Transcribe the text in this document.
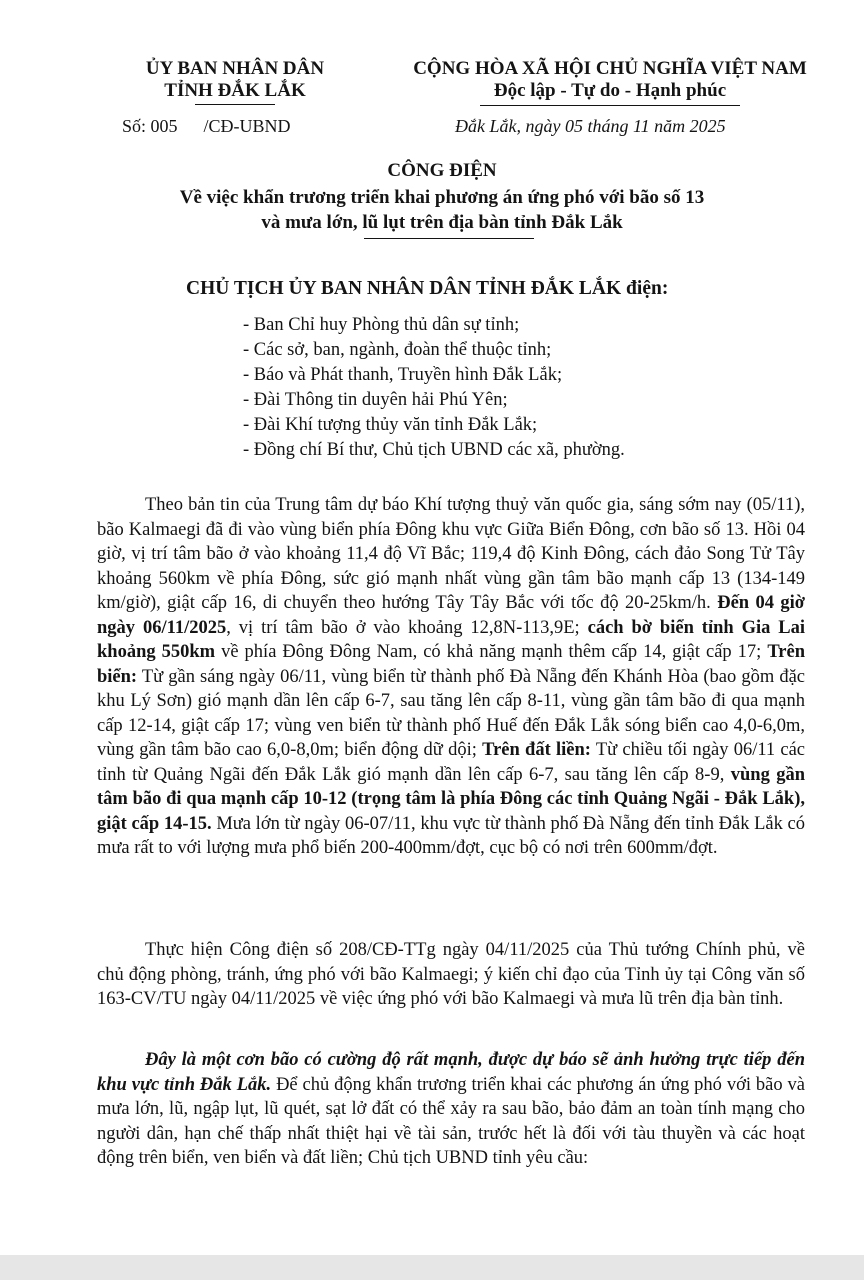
ỦY BAN NHÂN DÂN
TỈNH ĐẮK LẮK
CỘNG HÒA XÃ HỘI CHỦ NGHĨA VIỆT NAM
Độc lập - Tự do - Hạnh phúc
Số: 005 /CĐ-UBND	Đắk Lắk, ngày 05 tháng 11 năm 2025
CÔNG ĐIỆN
Về việc khẩn trương triển khai phương án ứng phó với bão số 13
và mưa lớn, lũ lụt trên địa bàn tỉnh Đắk Lắk
CHỦ TỊCH ỦY BAN NHÂN DÂN TỈNH ĐẮK LẮK điện:
- Ban Chỉ huy Phòng thủ dân sự tỉnh;
- Các sở, ban, ngành, đoàn thể thuộc tỉnh;
- Báo và Phát thanh, Truyền hình Đắk Lắk;
- Đài Thông tin duyên hải Phú Yên;
- Đài Khí tượng thủy văn tỉnh Đắk Lắk;
- Đồng chí Bí thư, Chủ tịch UBND các xã, phường.

Theo bản tin của Trung tâm dự báo Khí tượng thuỷ văn quốc gia, sáng sớm nay (05/11), bão Kalmaegi đã đi vào vùng biển phía Đông khu vực Giữa Biển Đông, cơn bão số 13. Hồi 04 giờ, vị trí tâm bão ở vào khoảng 11,4 độ Vĩ Bắc; 119,4 độ Kinh Đông, cách đảo Song Tử Tây khoảng 560km về phía Đông, sức gió mạnh nhất vùng gần tâm bão mạnh cấp 13 (134-149 km/giờ), giật cấp 16, di chuyển theo hướng Tây Tây Bắc với tốc độ 20-25km/h. Đến 04 giờ ngày 06/11/2025, vị trí tâm bão ở vào khoảng 12,8N-113,9E; cách bờ biển tỉnh Gia Lai khoảng 550km về phía Đông Đông Nam, có khả năng mạnh thêm cấp 14, giật cấp 17; Trên biển: Từ gần sáng ngày 06/11, vùng biển từ thành phố Đà Nẵng đến Khánh Hòa (bao gồm đặc khu Lý Sơn) gió mạnh dần lên cấp 6-7, sau tăng lên cấp 8-11, vùng gần tâm bão đi qua mạnh cấp 12-14, giật cấp 17; vùng ven biển từ thành phố Huế đến Đắk Lắk sóng biển cao 4,0-6,0m, vùng gần tâm bão cao 6,0-8,0m; biển động dữ dội; Trên đất liền: Từ chiều tối ngày 06/11 các tỉnh từ Quảng Ngãi đến Đắk Lắk gió mạnh dần lên cấp 6-7, sau tăng lên cấp 8-9, vùng gần tâm bão đi qua mạnh cấp 10-12 (trọng tâm là phía Đông các tỉnh Quảng Ngãi - Đắk Lắk), giật cấp 14-15. Mưa lớn từ ngày 06-07/11, khu vực từ thành phố Đà Nẵng đến tỉnh Đắk Lắk có mưa rất to với lượng mưa phổ biến 200-400mm/đợt, cục bộ có nơi trên 600mm/đợt.

Thực hiện Công điện số 208/CĐ-TTg ngày 04/11/2025 của Thủ tướng Chính phủ, về chủ động phòng, tránh, ứng phó với bão Kalmaegi; ý kiến chỉ đạo của Tỉnh ủy tại Công văn số 163-CV/TU ngày 04/11/2025 về việc ứng phó với bão Kalmaegi và mưa lũ trên địa bàn tỉnh.

Đây là một cơn bão có cường độ rất mạnh, được dự báo sẽ ảnh hưởng trực tiếp đến khu vực tỉnh Đắk Lắk. Để chủ động khẩn trương triển khai các phương án ứng phó với bão và mưa lớn, lũ, ngập lụt, lũ quét, sạt lở đất có thể xảy ra sau bão, bảo đảm an toàn tính mạng cho người dân, hạn chế thấp nhất thiệt hại về tài sản, trước hết là đối với tàu thuyền và các hoạt động trên biển, ven biển và đất liền; Chủ tịch UBND tỉnh yêu cầu:
